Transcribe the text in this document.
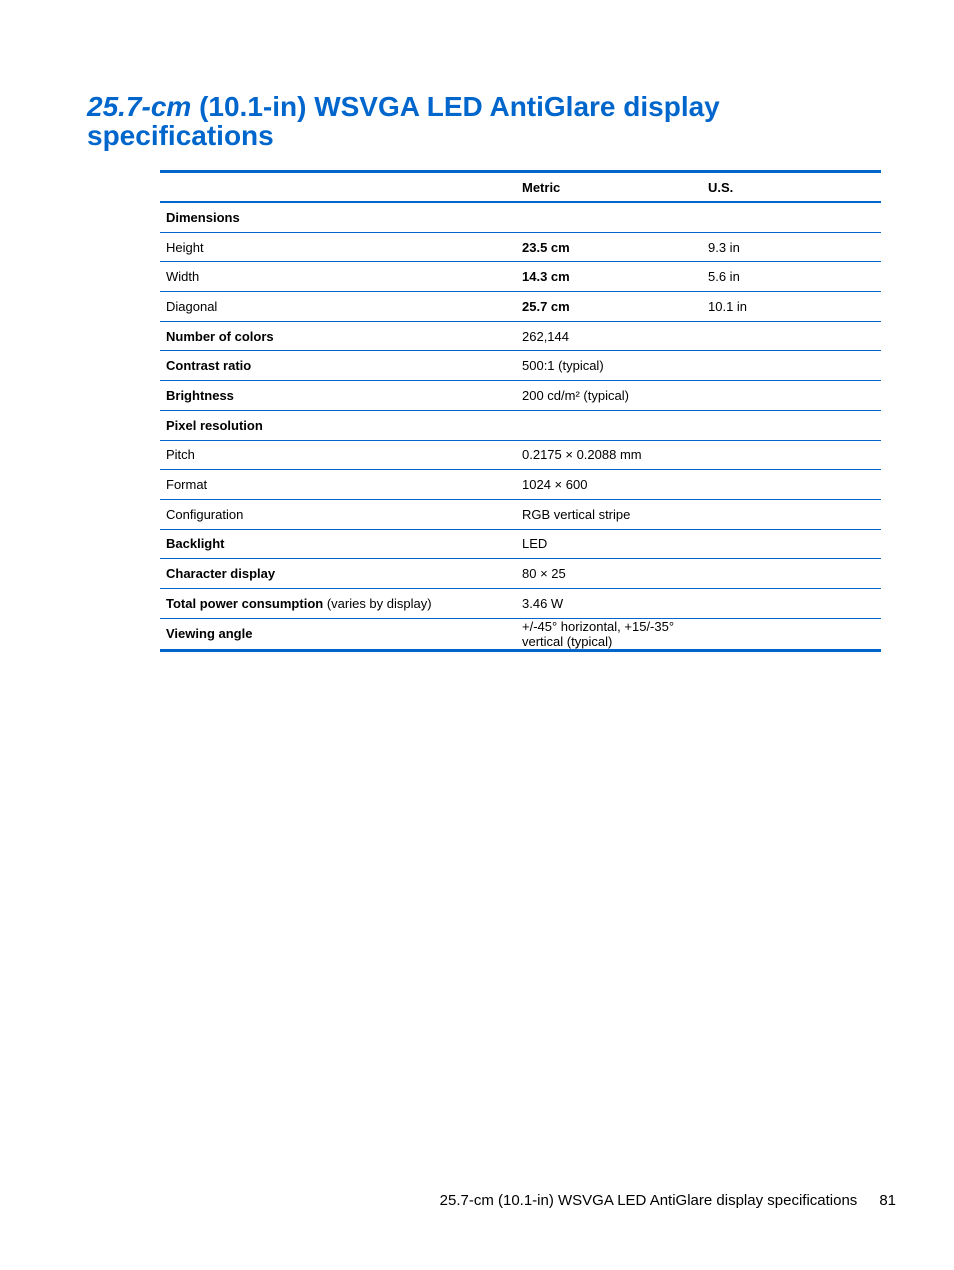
25.7-cm (10.1-in) WSVGA LED AntiGlare display specifications
	Metric	U.S.
Dimensions		
Height	23.5 cm	9.3 in
Width	14.3 cm	5.6 in
Diagonal	25.7 cm	10.1 in
Number of colors	262,144	
Contrast ratio	500:1 (typical)	
Brightness	200 cd/m² (typical)	
Pixel resolution		
Pitch	0.2175 × 0.2088 mm	
Format	1024 × 600	
Configuration	RGB vertical stripe	
Backlight	LED	
Character display	80 × 25	
Total power consumption (varies by display)	3.46 W	
Viewing angle	+/-45° horizontal, +15/-35° vertical (typical)	
25.7-cm (10.1-in) WSVGA LED AntiGlare display specifications 81
